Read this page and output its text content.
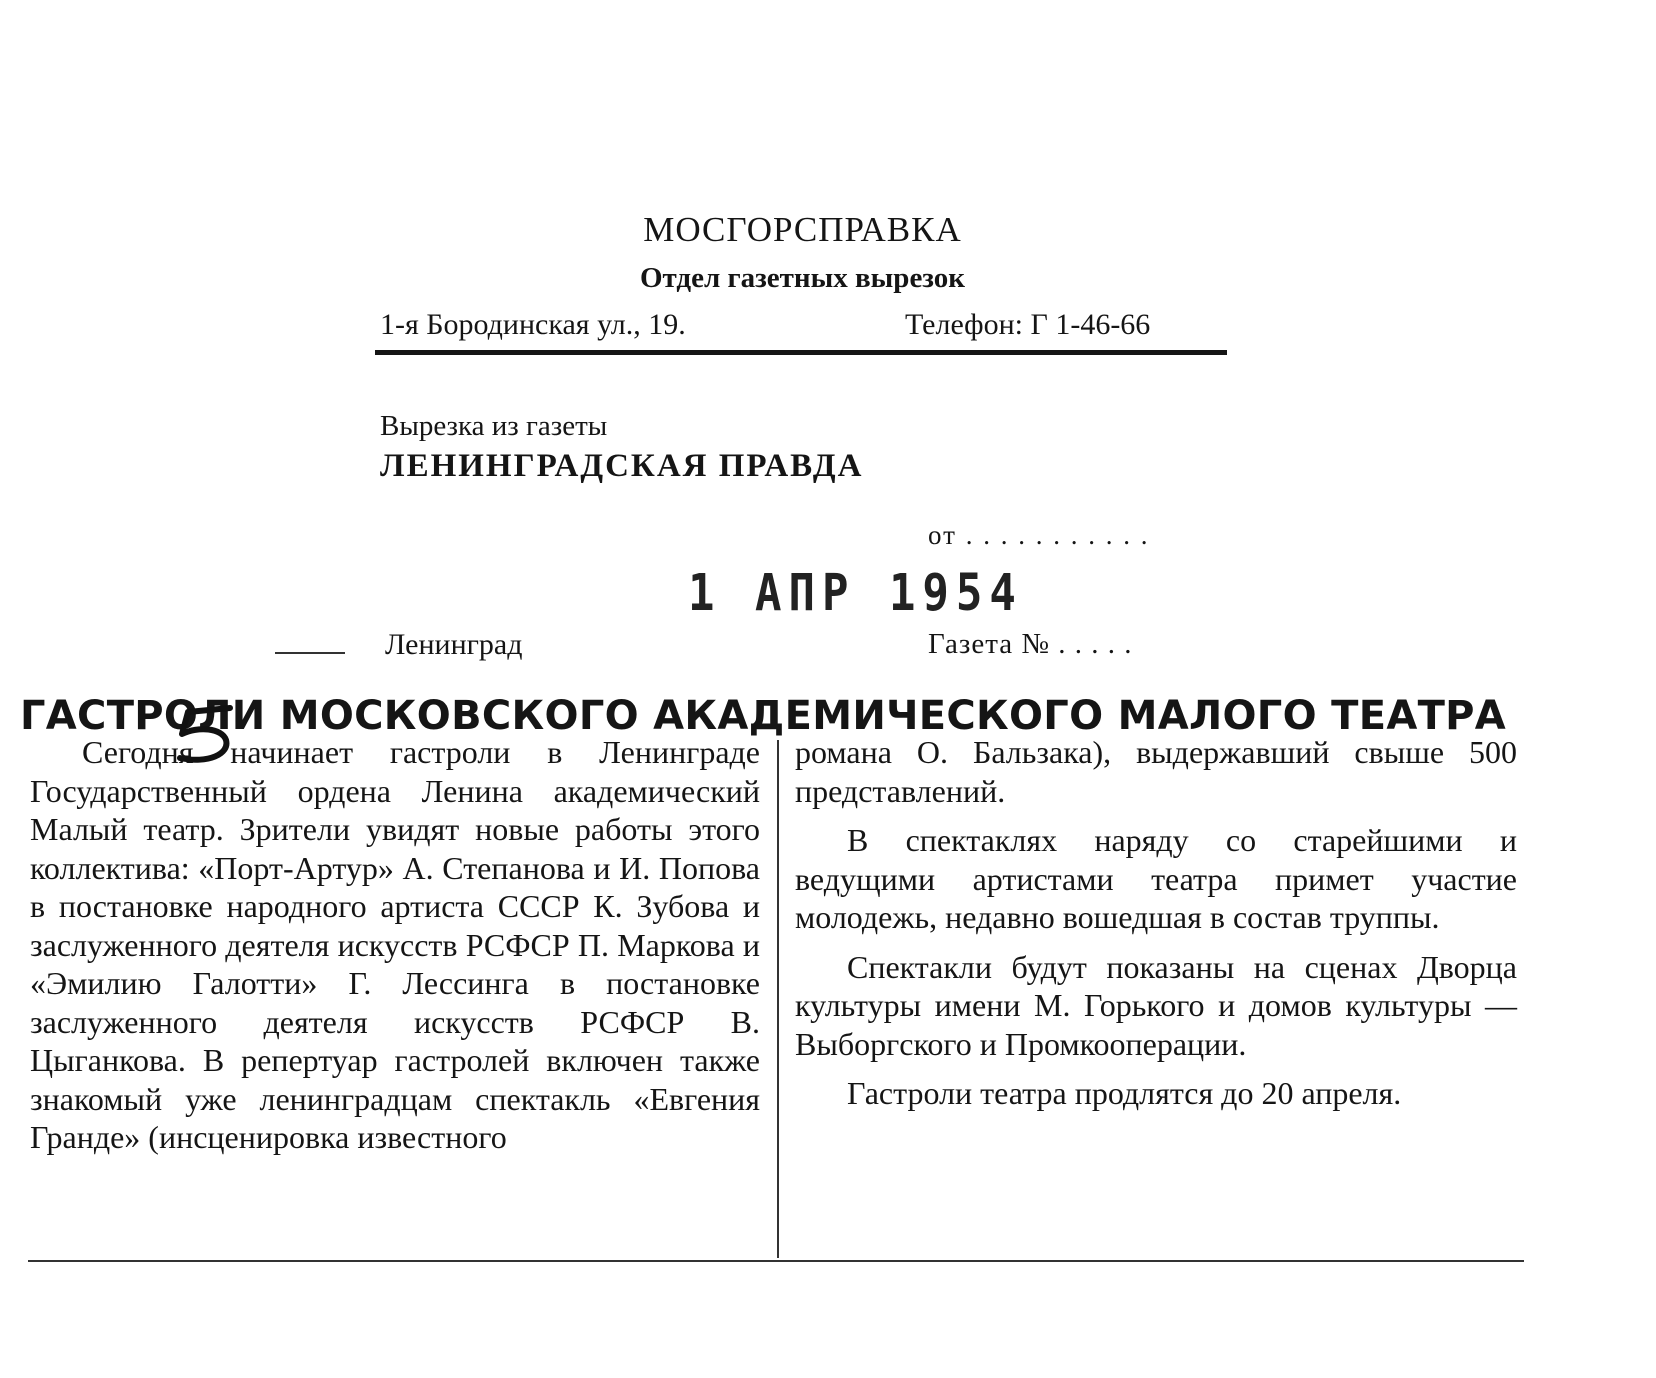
МОСГОРСПРАВКА
Отдел газетных вырезок
1-я Бородинская ул., 19.	Телефон: Г 1-46-66
Вырезка из газеты
ЛЕНИНГРАДСКАЯ ПРАВДА
от . . . . . . . . . . .
1 АПР 1954
Ленинград	Газета № . . . . .
ГАСТРОЛИ МОСКОВСКОГО АКАДЕМИЧЕСКОГО МАЛОГО ТЕАТРА

Сегодня начинает гастроли в Ленинграде Государственный ордена Ленина академический Малый театр. Зрители увидят новые работы этого коллектива: «Порт-Артур» А. Степанова и И. Попова в постановке народного артиста СССР К. Зубова и заслуженного деятеля искусств РСФСР П. Маркова и «Эмилию Галотти» Г. Лессинга в постановке заслуженного деятеля искусств РСФСР В. Цыганкова. В репертуар гастролей включен также знакомый уже ленинградцам спектакль «Евгения Гранде» (инсценировка известного

романа О. Бальзака), выдержавший свыше 500 представлений.

В спектаклях наряду со старейшими и ведущими артистами театра примет участие молодежь, недавно вошедшая в состав труппы.

Спектакли будут показаны на сценах Дворца культуры имени М. Горького и домов культуры — Выборгского и Промкооперации.

Гастроли театра продлятся до 20 апреля.
